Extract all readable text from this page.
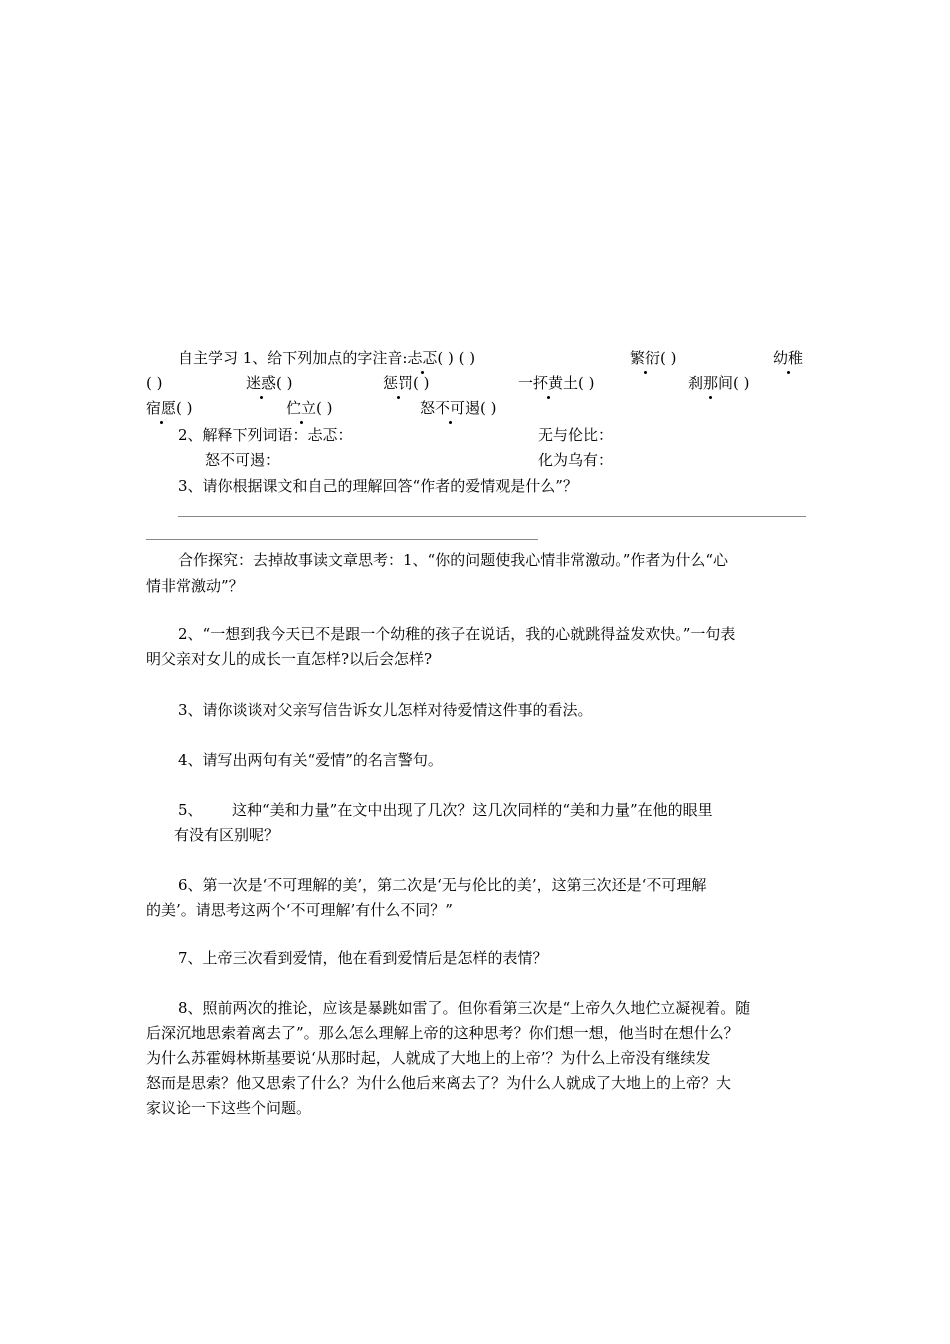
自主学习 1、给下列加点的字注音:忐忑( ) ( )	繁衍( )	幼稚
( )	迷惑( )	惩罚( )	一抔黄土( )	刹那间( )
宿愿( )	伫立( )	怒不可遏( )
2、解释下列词语：忐忑：	无与伦比：
怒不可遏：	化为乌有：
3、请你根据课文和自己的理解回答“作者的爱情观是什么”？
合作探究：去掉故事读文章思考：1、“你的问题使我心情非常激动。”作者为什么“心
情非常激动”？
2、“一想到我今天已不是跟一个幼稚的孩子在说话，我的心就跳得益发欢快。”一句表
明父亲对女儿的成长一直怎样?以后会怎样?
3、请你谈谈对父亲写信告诉女儿怎样对待爱情这件事的看法。
4、请写出两句有关“爱情”的名言警句。
5、 这种“美和力量”在文中出现了几次？这几次同样的“美和力量”在他的眼里
有没有区别呢？
6、第一次是‘不可理解的美’，第二次是‘无与伦比的美’，这第三次还是‘不可理解
的美’。请思考这两个‘不可理解’有什么不同？”
7、上帝三次看到爱情，他在看到爱情后是怎样的表情？
8、照前两次的推论，应该是暴跳如雷了。但你看第三次是“上帝久久地伫立凝视着。随
后深沉地思索着离去了”。那么怎么理解上帝的这种思考？你们想一想，他当时在想什么？
为什么苏霍姆林斯基要说‘从那时起，人就成了大地上的上帝’？为什么上帝没有继续发
怒而是思索？他又思索了什么？为什么他后来离去了？为什么人就成了大地上的上帝？大
家议论一下这些个问题。
